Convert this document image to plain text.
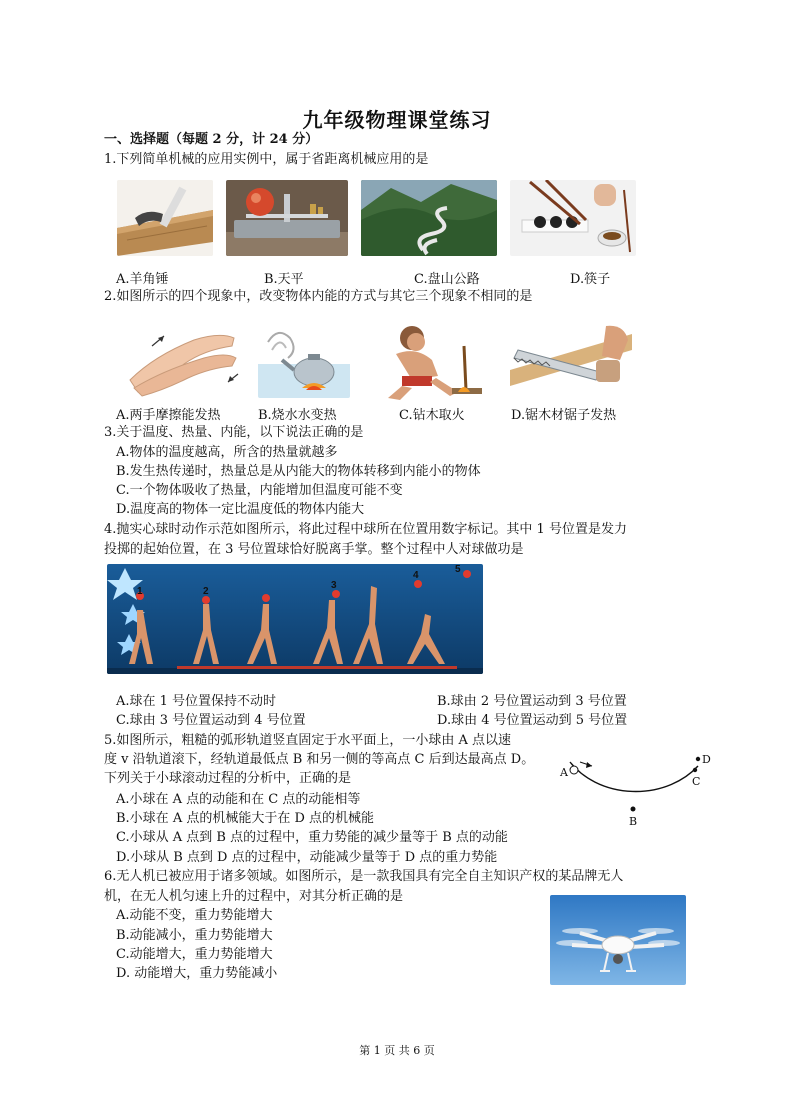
九年级物理课堂练习
一、选择题（每题 2 分，计 24 分）
1.下列简单机械的应用实例中，属于省距离机械应用的是
A.羊角锤	B.天平	C.盘山公路	D.筷子
2.如图所示的四个现象中，改变物体内能的方式与其它三个现象不相同的是
A.两手摩擦能发热	B.烧水水变热	C.钻木取火	D.锯木材锯子发热
3.关于温度、热量、内能，以下说法正确的是
A.物体的温度越高，所含的热量就越多
B.发生热传递时，热量总是从内能大的物体转移到内能小的物体
C.一个物体吸收了热量，内能增加但温度可能不变
D.温度高的物体一定比温度低的物体内能大
4.抛实心球时动作示范如图所示，将此过程中球所在位置用数字标记。其中 1 号位置是发力
投掷的起始位置，在 3 号位置球恰好脱离手掌。整个过程中人对球做功是
1	2
3
4
5
A.球在 1 号位置保持不动时	B.球由 2 号位置运动到 3 号位置
C.球由 3 号位置运动到 4 号位置	D.球由 4 号位置运动到 5 号位置
5.如图所示，粗糙的弧形轨道竖直固定于水平面上，一小球由 A 点以速
度 v 沿轨道滚下，经轨道最低点 B 和另一侧的等高点 C 后到达最高点 D。
下列关于小球滚动过程的分析中，正确的是	A
B
C
D
A.小球在 A 点的动能和在 C 点的动能相等
B.小球在 A 点的机械能大于在 D 点的机械能
C.小球从 A 点到 B 点的过程中，重力势能的减少量等于 B 点的动能
D.小球从 B 点到 D 点的过程中，动能减少量等于 D 点的重力势能
6.无人机已被应用于诸多领域。如图所示，是一款我国具有完全自主知识产权的某品牌无人
机，在无人机匀速上升的过程中，对其分析正确的是
A.动能不变，重力势能增大
B.动能减小，重力势能增大
C.动能增大，重力势能增大
D. 动能增大，重力势能减小
第 1 页 共 6 页
